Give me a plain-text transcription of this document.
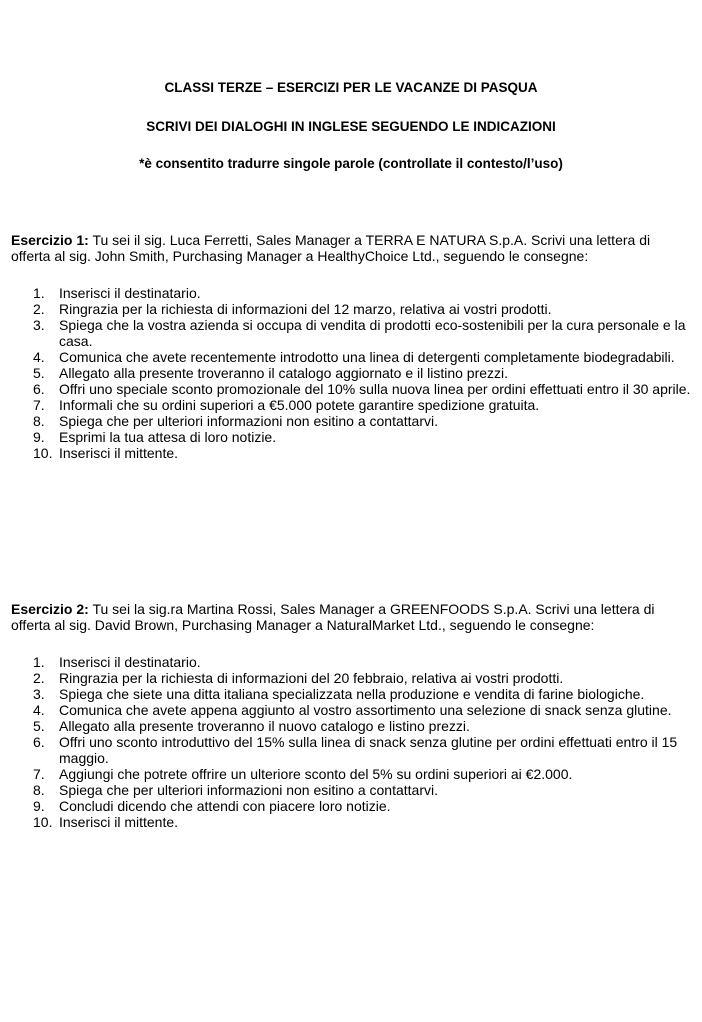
CLASSI TERZE – ESERCIZI PER LE VACANZE DI PASQUA
SCRIVI DEI DIALOGHI IN INGLESE SEGUENDO LE INDICAZIONI
*è consentito tradurre singole parole (controllate il contesto/l’uso)

Esercizio 1: Tu sei il sig. Luca Ferretti, Sales Manager a TERRA E NATURA S.p.A. Scrivi una lettera di offerta al sig. John Smith, Purchasing Manager a HealthyChoice Ltd., seguendo le consegne:

1.	Inserisci il destinatario.
2.	Ringrazia per la richiesta di informazioni del 12 marzo, relativa ai vostri prodotti.
3.	Spiega che la vostra azienda si occupa di vendita di prodotti eco-sostenibili per la cura personale e la casa.
4.	Comunica che avete recentemente introdotto una linea di detergenti completamente biodegradabili.
5.	Allegato alla presente troveranno il catalogo aggiornato e il listino prezzi.
6.	Offri uno speciale sconto promozionale del 10% sulla nuova linea per ordini effettuati entro il 30 aprile.
7.	Informali che su ordini superiori a €5.000 potete garantire spedizione gratuita.
8.	Spiega che per ulteriori informazioni non esitino a contattarvi.
9.	Esprimi la tua attesa di loro notizie.
10. Inserisci il mittente.

Esercizio 2: Tu sei la sig.ra Martina Rossi, Sales Manager a GREENFOODS S.p.A. Scrivi una lettera di offerta al sig. David Brown, Purchasing Manager a NaturalMarket Ltd., seguendo le consegne:

1.	Inserisci il destinatario.
2.	Ringrazia per la richiesta di informazioni del 20 febbraio, relativa ai vostri prodotti.
3.	Spiega che siete una ditta italiana specializzata nella produzione e vendita di farine biologiche.
4.	Comunica che avete appena aggiunto al vostro assortimento una selezione di snack senza glutine.
5.	Allegato alla presente troveranno il nuovo catalogo e listino prezzi.
6.	Offri uno sconto introduttivo del 15% sulla linea di snack senza glutine per ordini effettuati entro il 15 maggio.
7.	Aggiungi che potrete offrire un ulteriore sconto del 5% su ordini superiori ai €2.000.
8.	Spiega che per ulteriori informazioni non esitino a contattarvi.
9.	Concludi dicendo che attendi con piacere loro notizie.
10. Inserisci il mittente.
